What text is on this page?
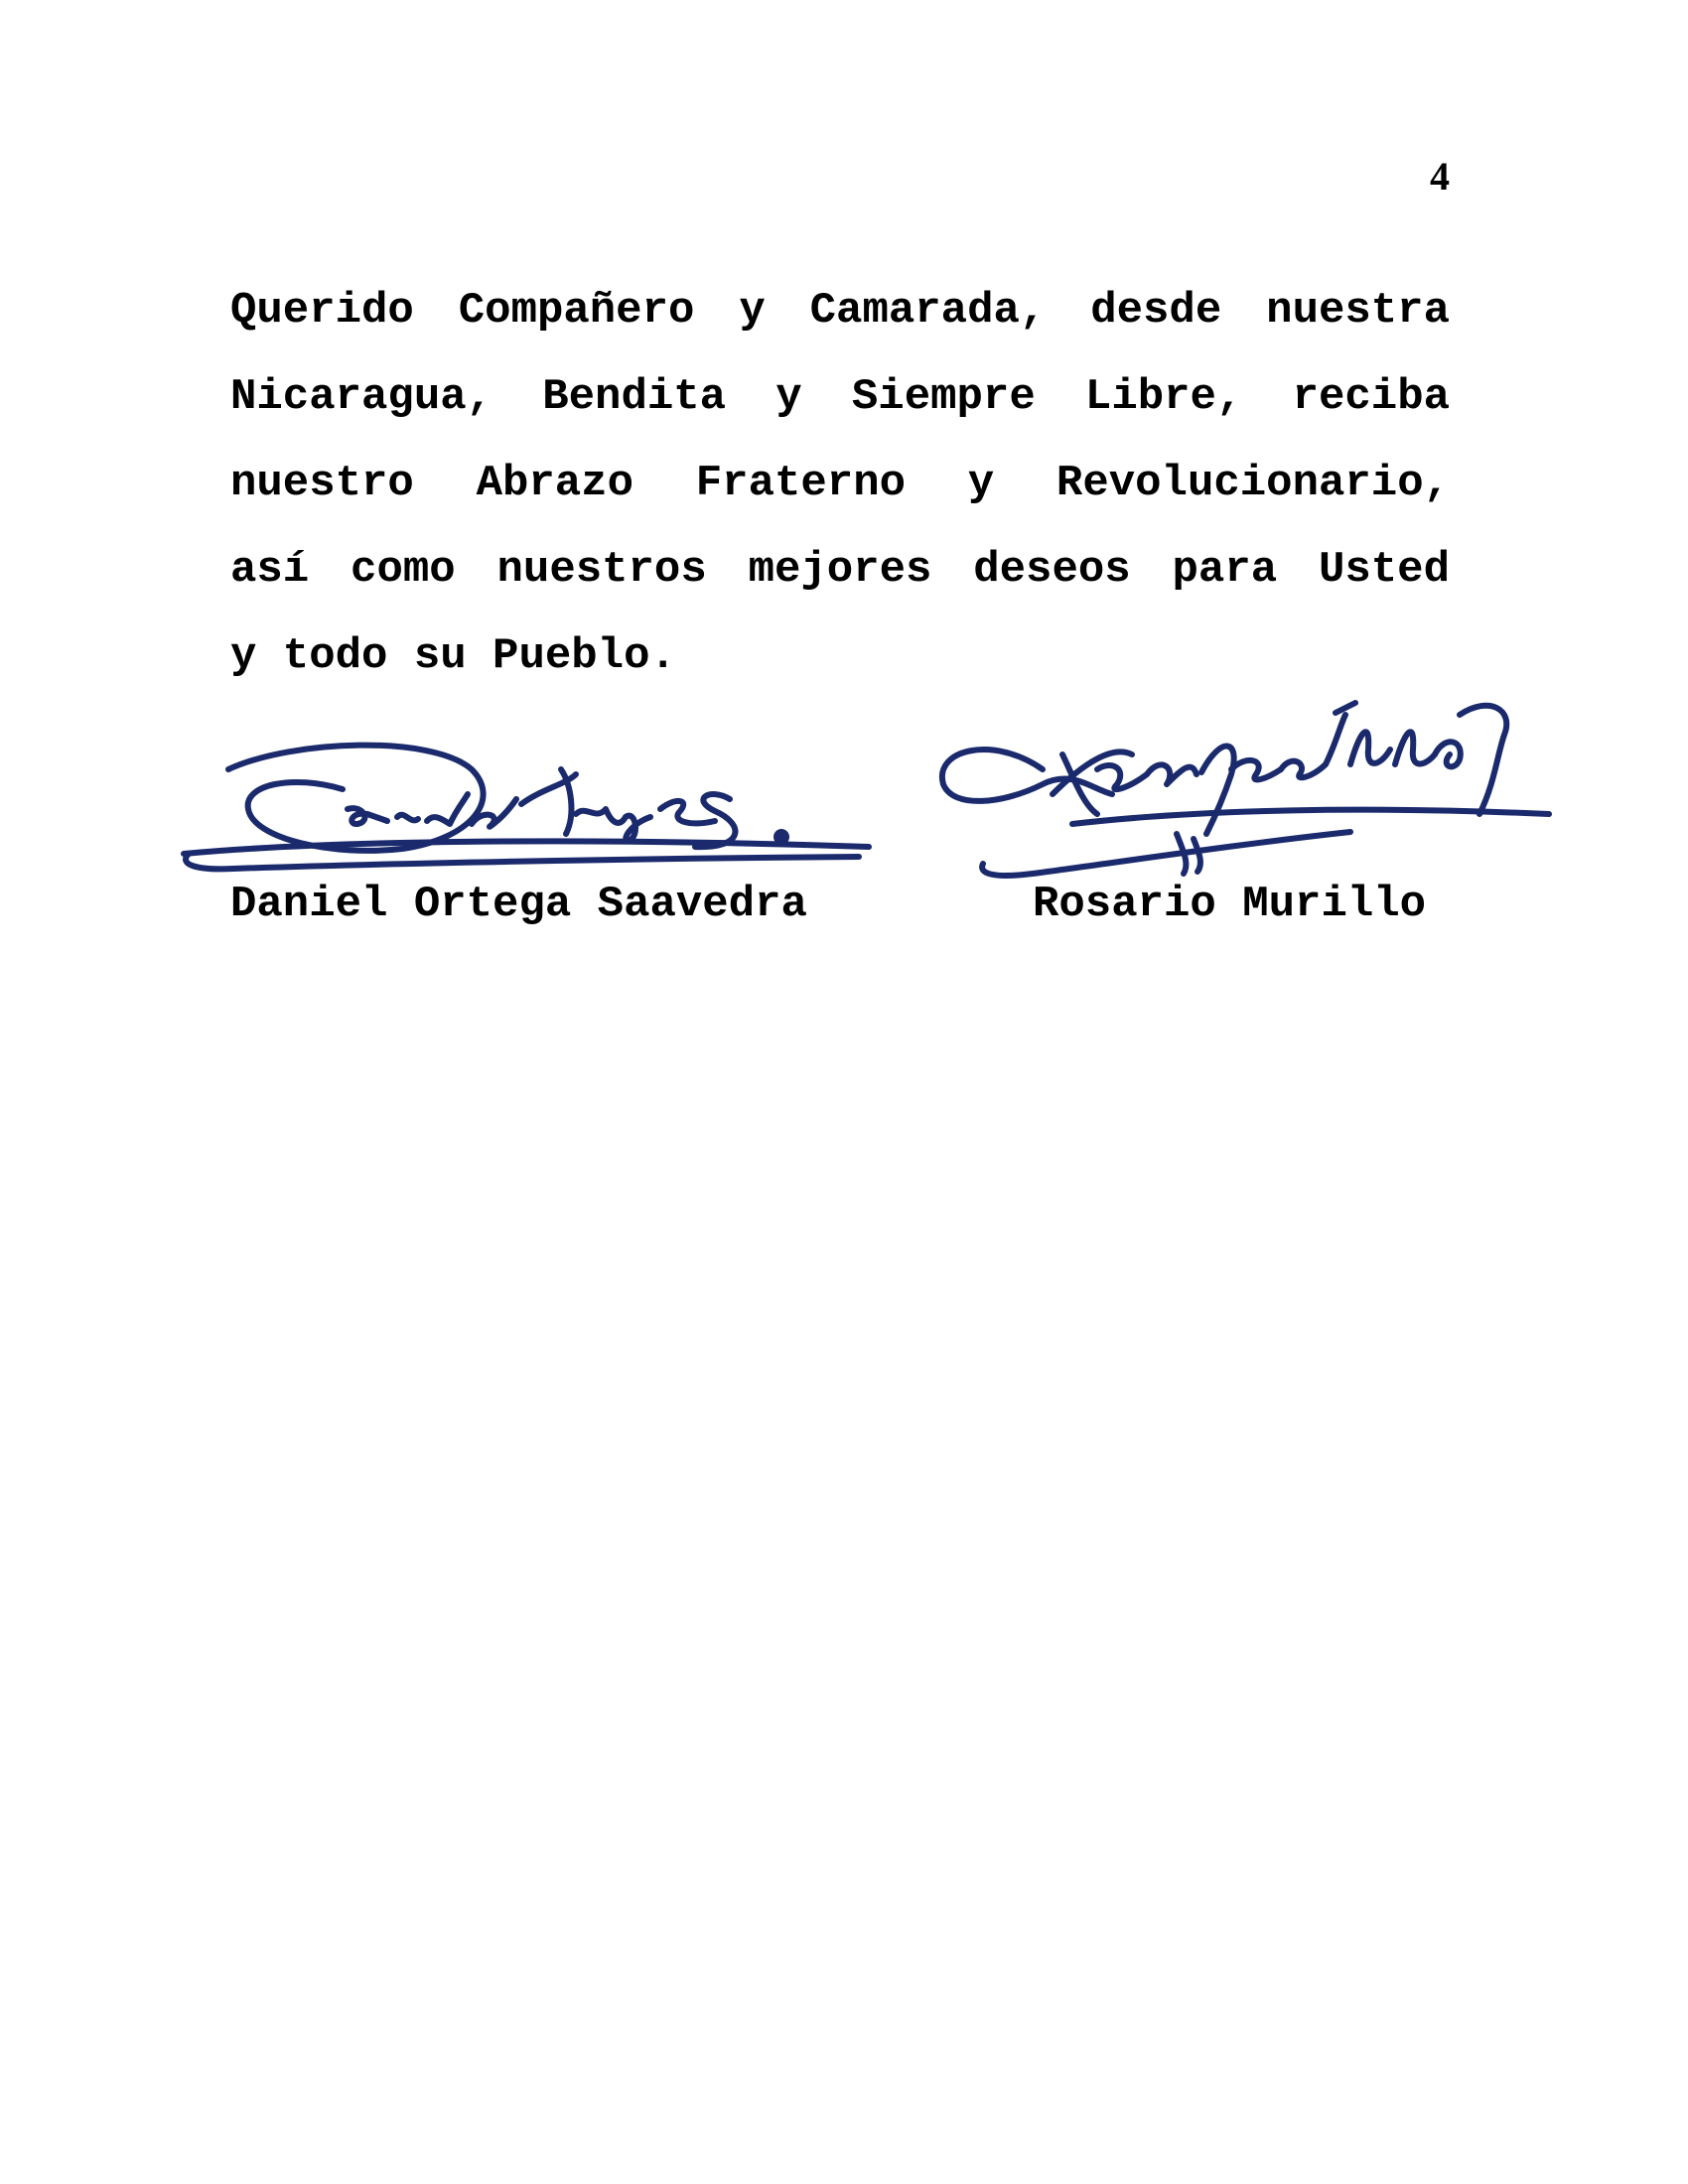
4
Querido Compañero y Camarada, desde nuestra
Nicaragua, Bendita y Siempre Libre, reciba
nuestro Abrazo Fraterno y Revolucionario,
así como nuestros mejores deseos para Usted
y todo su Pueblo.
Daniel Ortega Saavedra	Rosario Murillo
